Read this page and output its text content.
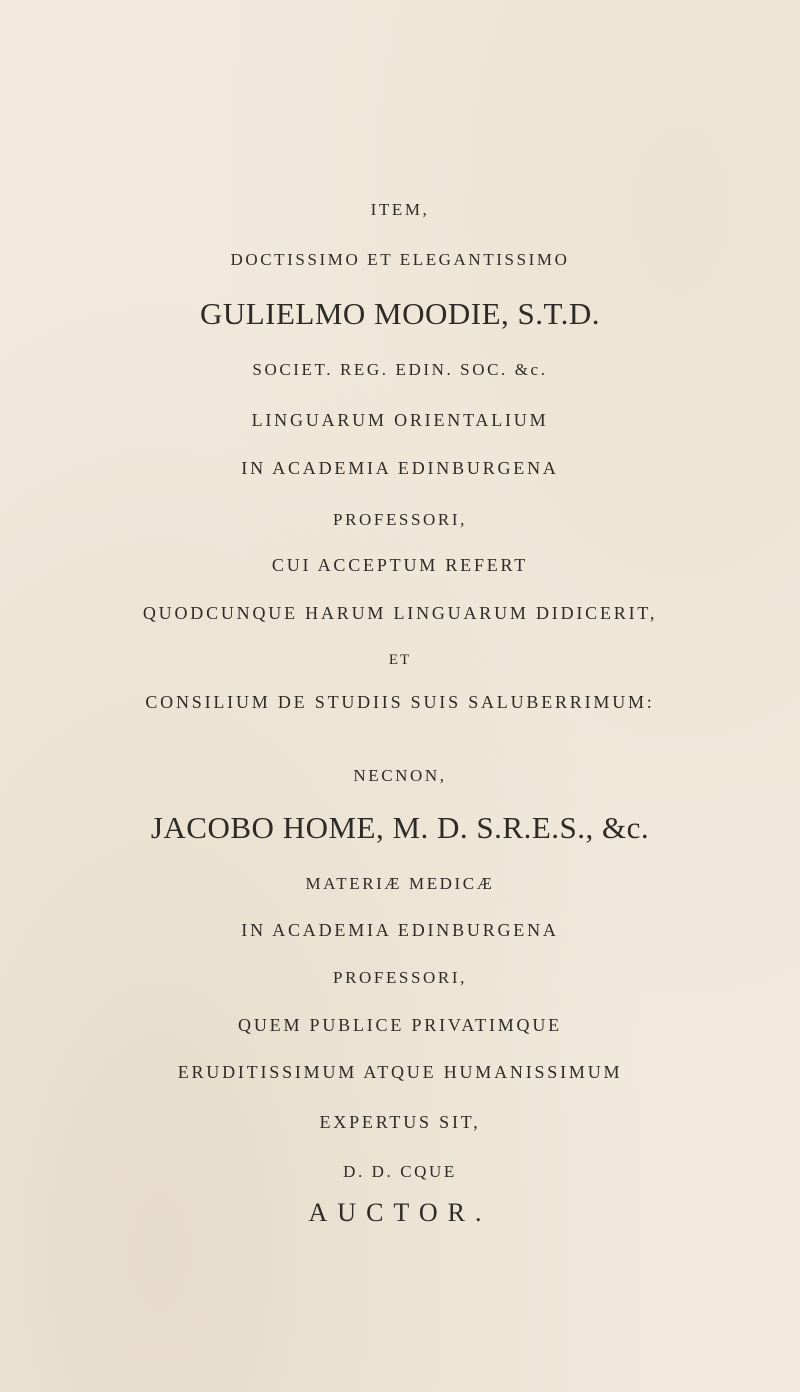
ITEM,
DOCTISSIMO ET ELEGANTISSIMO
GULIELMO MOODIE, S.T.D.
SOCIET. REG. EDIN. SOC. &c.
LINGUARUM ORIENTALIUM
IN ACADEMIA EDINBURGENA
PROFESSORI,
CUI ACCEPTUM REFERT
QUODCUNQUE HARUM LINGUARUM DIDICERIT,
ET
CONSILIUM DE STUDIIS SUIS SALUBERRIMUM:
NECNON,
JACOBO HOME, M. D. S.R.E.S., &c.
MATERIÆ MEDICÆ
IN ACADEMIA EDINBURGENA
PROFESSORI,
QUEM PUBLICE PRIVATIMQUE
ERUDITISSIMUM ATQUE HUMANISSIMUM
EXPERTUS SIT,
D. D. CQUE
AUCTOR.
